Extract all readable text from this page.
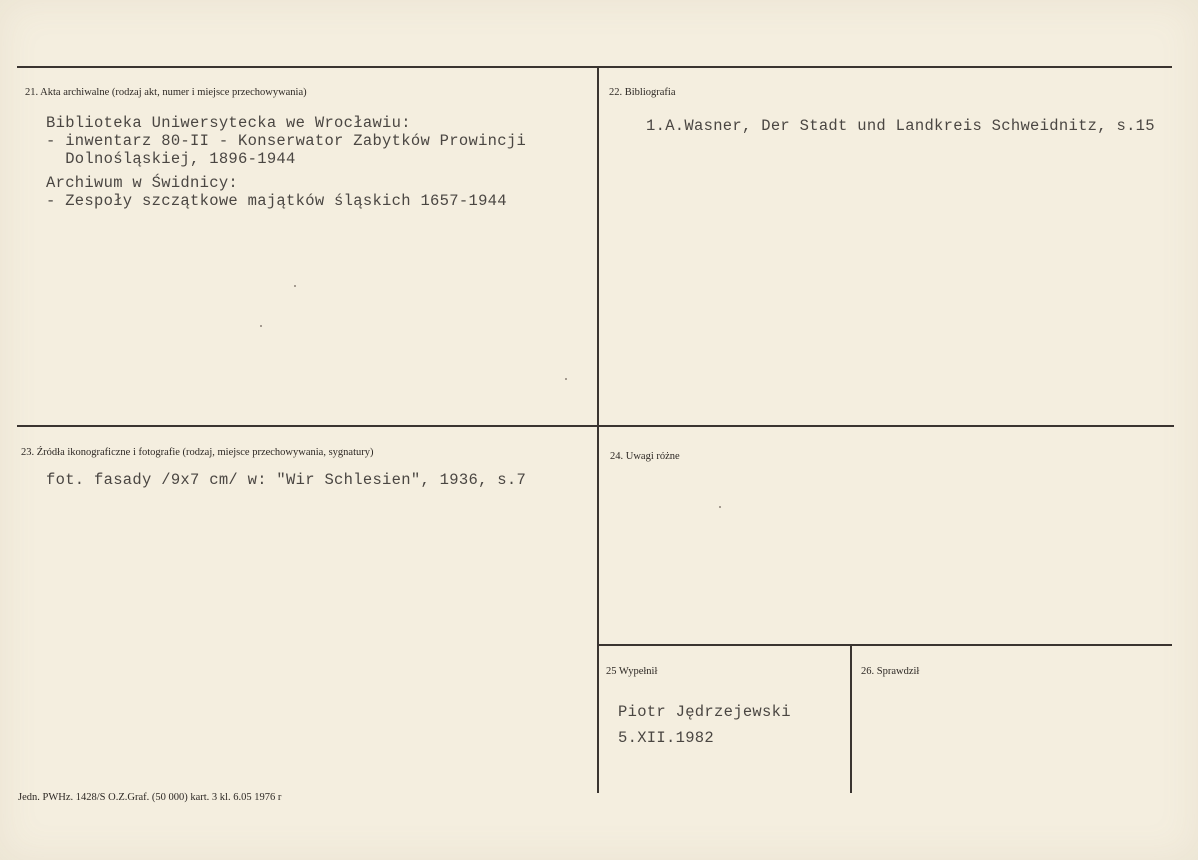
21. Akta archiwalne (rodzaj akt, numer i miejsce przechowywania)
Biblioteka Uniwersytecka we Wrocławiu:
- inwentarz 80-II - Konserwator Zabytków Prowincji
Dolnośląskiej, 1896-1944
Archiwum w Świdnicy:
- Zespoły szczątkowe majątków śląskich 1657-1944
22. Bibliografia
1.A.Wasner, Der Stadt und Landkreis Schweidnitz, s.15
23. Źródła ikonograficzne i fotografie (rodzaj, miejsce przechowywania, sygnatury)
fot. fasady /9x7 cm/ w: "Wir Schlesien", 1936, s.7
24. Uwagi różne
25 Wypełnił
Piotr Jędrzejewski
5.XII.1982
26. Sprawdził
Jedn. PWHz. 1428/S O.Z.Graf. (50 000) kart. 3 kl. 6.05 1976 r
